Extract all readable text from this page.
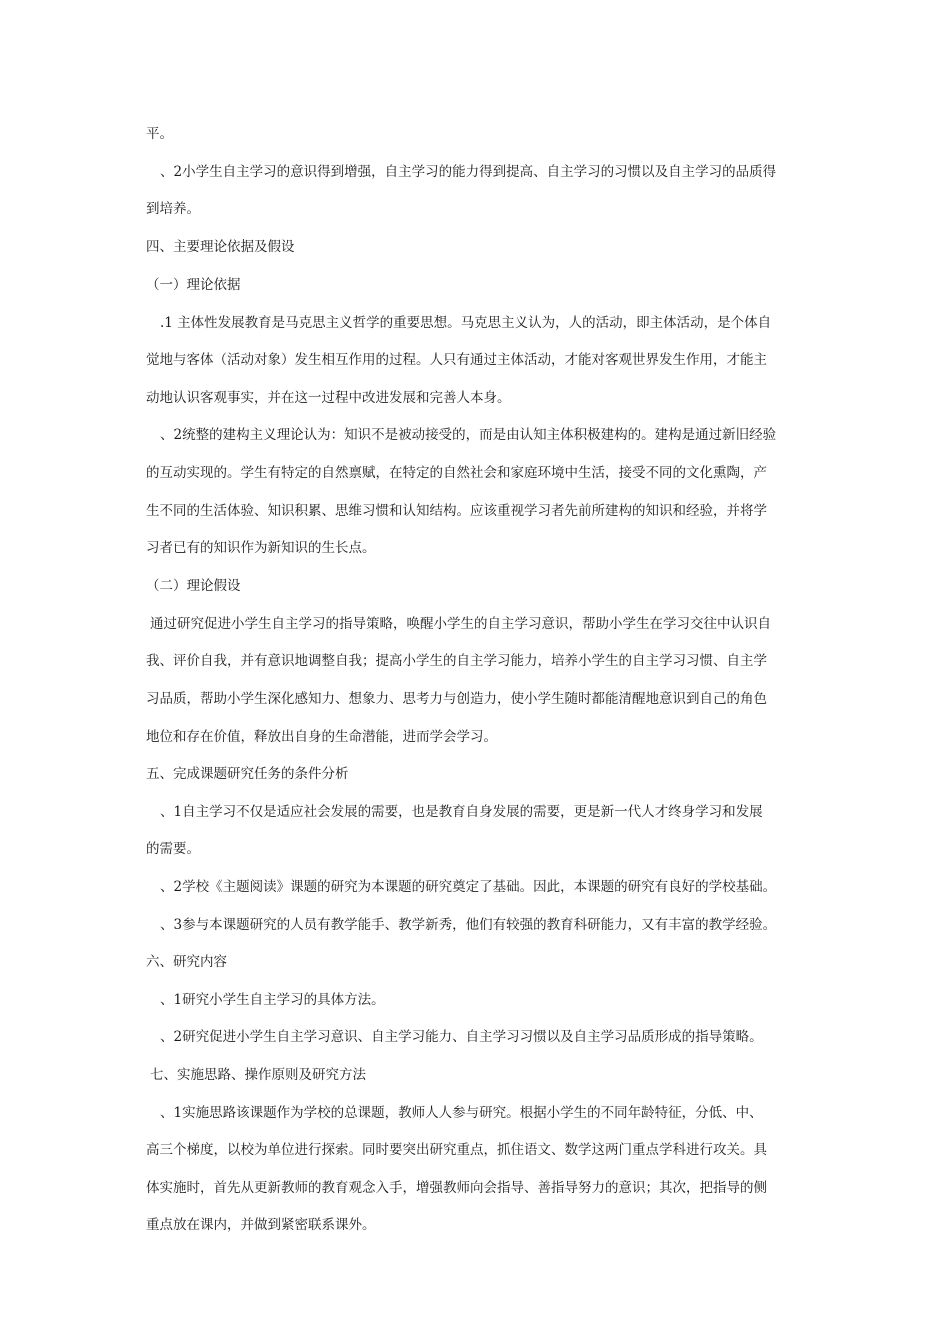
平。
、2小学生自主学习的意识得到增强，自主学习的能力得到提高、自主学习的习惯以及自主学习的品质得
到培养。
四、主要理论依据及假设
（一）理论依据
.1 主体性发展教育是马克思主义哲学的重要思想。马克思主义认为，人的活动，即主体活动，是个体自
觉地与客体（活动对象）发生相互作用的过程。人只有通过主体活动，才能对客观世界发生作用，才能主
动地认识客观事实，并在这一过程中改进发展和完善人本身。
、2统整的建构主义理论认为：知识不是被动接受的，而是由认知主体积极建构的。建构是通过新旧经验
的互动实现的。学生有特定的自然禀赋，在特定的自然社会和家庭环境中生活，接受不同的文化熏陶，产
生不同的生活体验、知识积累、思维习惯和认知结构。应该重视学习者先前所建构的知识和经验，并将学
习者已有的知识作为新知识的生长点。
（二）理论假设
通过研究促进小学生自主学习的指导策略，唤醒小学生的自主学习意识，帮助小学生在学习交往中认识自
我、评价自我，并有意识地调整自我；提高小学生的自主学习能力，培养小学生的自主学习习惯、自主学
习品质，帮助小学生深化感知力、想象力、思考力与创造力，使小学生随时都能清醒地意识到自己的角色
地位和存在价值，释放出自身的生命潜能，进而学会学习。
五、完成课题研究任务的条件分析
、1自主学习不仅是适应社会发展的需要，也是教育自身发展的需要，更是新一代人才终身学习和发展
的需要。
、2学校《主题阅读》课题的研究为本课题的研究奠定了基础。因此，本课题的研究有良好的学校基础。
、3参与本课题研究的人员有教学能手、教学新秀，他们有较强的教育科研能力，又有丰富的教学经验。
六、研究内容
、1研究小学生自主学习的具体方法。
、2研究促进小学生自主学习意识、自主学习能力、自主学习习惯以及自主学习品质形成的指导策略。
七、实施思路、操作原则及研究方法
、1实施思路该课题作为学校的总课题，教师人人参与研究。根据小学生的不同年龄特征，分低、中、
高三个梯度，以校为单位进行探索。同时要突出研究重点，抓住语文、数学这两门重点学科进行攻关。具
体实施时，首先从更新教师的教育观念入手，增强教师向会指导、善指导努力的意识；其次，把指导的侧
重点放在课内，并做到紧密联系课外。
